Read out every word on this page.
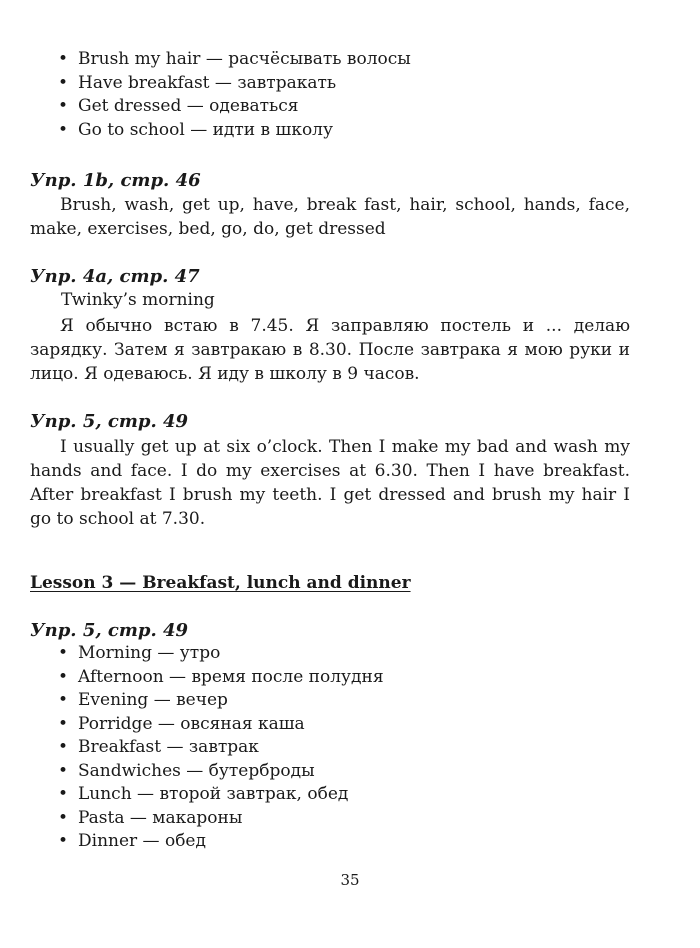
• Brush my hair — расчёсывать волосы
• Have breakfast — завтракать
• Get dressed — одеваться
• Go to school — идти в школу
Упр. 1b, стр. 46

Brush, wash, get up, have, break fast, hair, school, hands, face, make, exercises, bed, go, do, get dressed

Упр. 4а, стр. 47
Twinky’s morning

Я обычно встаю в 7.45. Я заправляю постель и ... делаю зарядку. Затем я завтракаю в 8.30. После завтрака я мою руки и лицо. Я одеваюсь. Я иду в школу в 9 часов.

Упр. 5, стр. 49

I usually get up at six o’clock. Then I make my bad and wash my hands and face. I do my exercises at 6.30. Then I have breakfast. After breakfast I brush my teeth. I get dressed and brush my hair I go to school at 7.30.

Lesson 3 — Breakfast, lunch and dinner
Упр. 5, стр. 49
• Morning — утро
• Afternoon — время после полудня
• Evening — вечер
• Porridge — овсяная каша
• Breakfast — завтрак
• Sandwiches — бутерброды
• Lunch — второй завтрак, обед
• Pasta — макароны
• Dinner — обед
35
